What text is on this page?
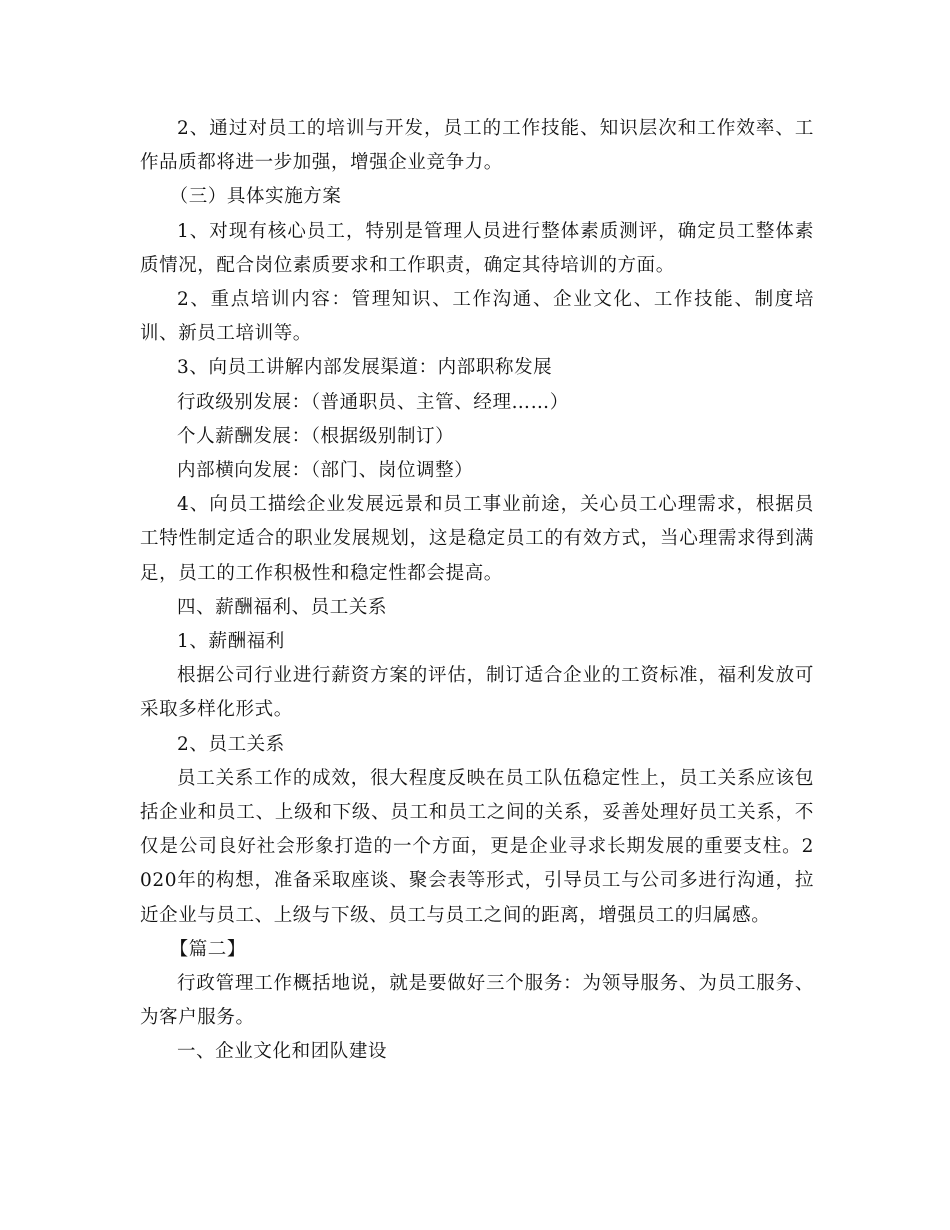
2、通过对员工的培训与开发，员工的工作技能、知识层次和工作效率、工作品质都将进一步加强，增强企业竞争力。

（三）具体实施方案

1、对现有核心员工，特别是管理人员进行整体素质测评，确定员工整体素质情况，配合岗位素质要求和工作职责，确定其待培训的方面。

2、重点培训内容：管理知识、工作沟通、企业文化、工作技能、制度培训、新员工培训等。

3、向员工讲解内部发展渠道：内部职称发展

行政级别发展：（普通职员、主管、经理……）

个人薪酬发展：（根据级别制订）

内部横向发展：（部门、岗位调整）

4、向员工描绘企业发展远景和员工事业前途，关心员工心理需求，根据员工特性制定适合的职业发展规划，这是稳定员工的有效方式，当心理需求得到满足，员工的工作积极性和稳定性都会提高。

四、薪酬福利、员工关系

1、薪酬福利

根据公司行业进行薪资方案的评估，制订适合企业的工资标准，福利发放可采取多样化形式。

2、员工关系

员工关系工作的成效，很大程度反映在员工队伍稳定性上，员工关系应该包括企业和员工、上级和下级、员工和员工之间的关系，妥善处理好员工关系，不仅是公司良好社会形象打造的一个方面，更是企业寻求长期发展的重要支柱。2020年的构想，准备采取座谈、聚会表等形式，引导员工与公司多进行沟通，拉近企业与员工、上级与下级、员工与员工之间的距离，增强员工的归属感。

【篇二】

行政管理工作概括地说，就是要做好三个服务：为领导服务、为员工服务、为客户服务。

一、企业文化和团队建设
